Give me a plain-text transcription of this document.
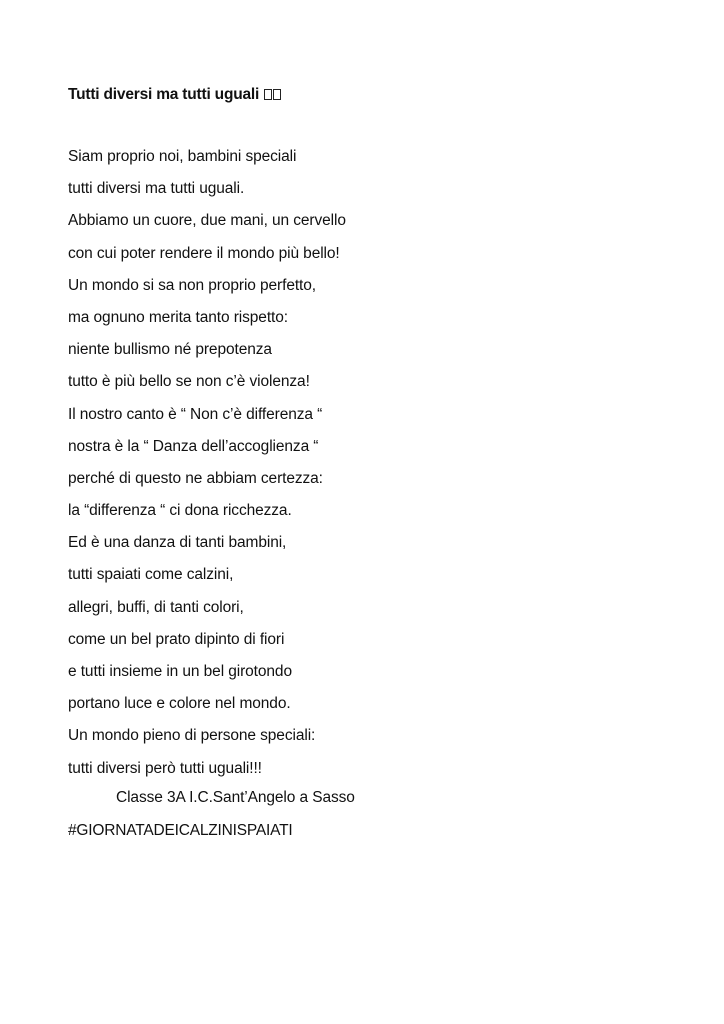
Tutti diversi ma tutti uguali
Siam proprio noi, bambini speciali
tutti diversi ma tutti uguali.
Abbiamo un cuore, due mani, un cervello
con cui poter rendere il mondo più bello!
Un mondo si sa non proprio perfetto,
ma ognuno merita tanto rispetto:
niente bullismo né prepotenza
tutto è più bello se non c’è violenza!
Il nostro canto è “ Non c’è differenza “
nostra è la “ Danza dell’accoglienza “
perché di questo ne abbiam certezza:
la “differenza “ ci dona ricchezza.
Ed è una danza di tanti bambini,
tutti spaiati come calzini,
allegri, buffi, di tanti colori,
come un bel prato dipinto di fiori
e tutti insieme in un bel girotondo
portano luce e colore nel mondo.
Un mondo pieno di persone speciali:
tutti diversi però tutti uguali!!!
Classe 3A I.C.Sant’Angelo a Sasso
#GIORNATADEICALZINISPAIATI
